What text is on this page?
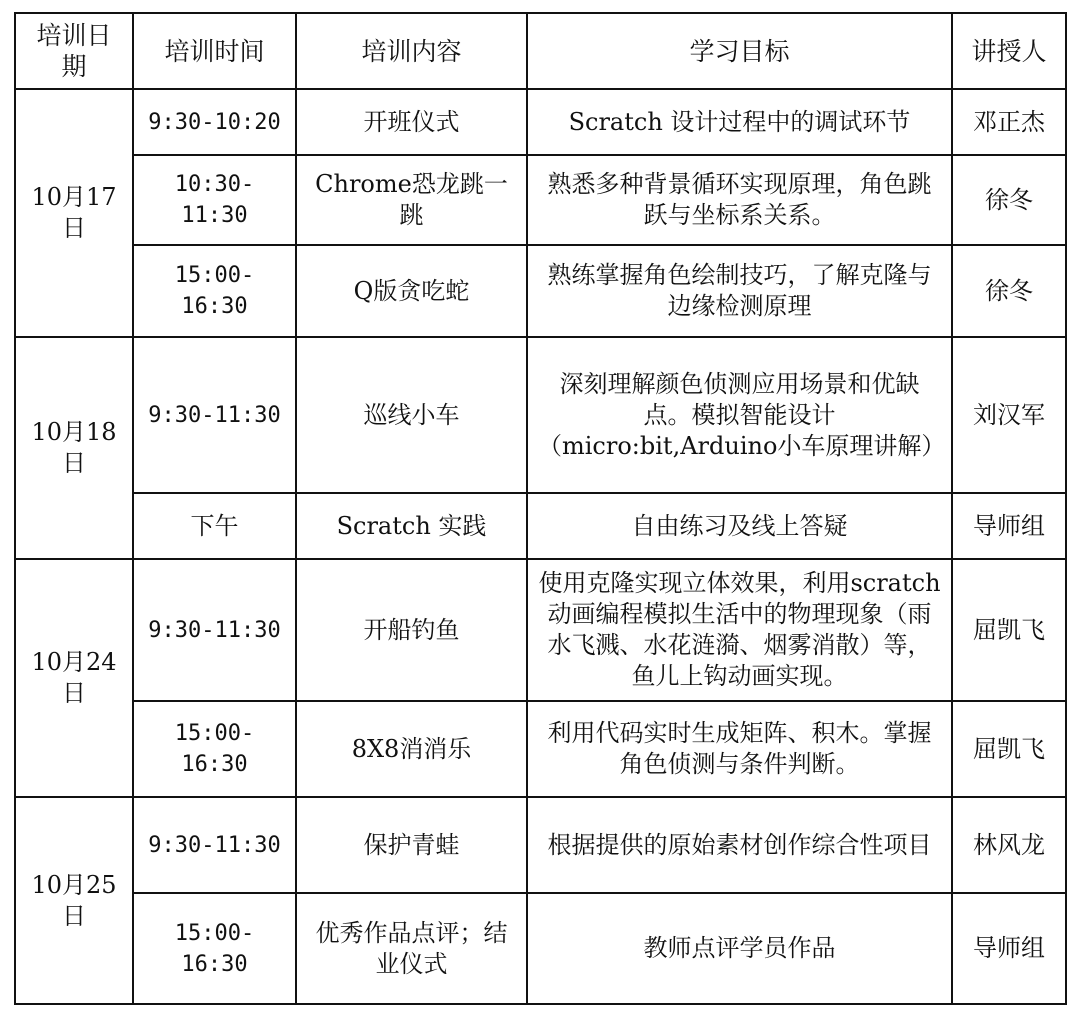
培训日期	培训时间	培训内容	学习目标	讲授人
10月17日	9:30-10:20	开班仪式	Scratch 设计过程中的调试环节	邓正杰
	10:30-11:30	Chrome恐龙跳一跳	熟悉多种背景循环实现原理，角色跳跃与坐标系关系。	徐冬
	15:00-16:30	Q版贪吃蛇	熟练掌握角色绘制技巧，了解克隆与边缘检测原理	徐冬
10月18日	9:30-11:30	巡线小车	深刻理解颜色侦测应用场景和优缺点。模拟智能设计（micro:bit,Arduino小车原理讲解）	刘汉军
	下午	Scratch 实践	自由练习及线上答疑	导师组
10月24日	9:30-11:30	开船钓鱼	使用克隆实现立体效果，利用scratch动画编程模拟生活中的物理现象（雨水飞溅、水花涟漪、烟雾消散）等，鱼儿上钩动画实现。	屈凯飞
	15:00-16:30	8X8消消乐	利用代码实时生成矩阵、积木。掌握角色侦测与条件判断。	屈凯飞
10月25日	9:30-11:30	保护青蛙	根据提供的原始素材创作综合性项目	林风龙
	15:00-16:30	优秀作品点评；结业仪式	教师点评学员作品	导师组
